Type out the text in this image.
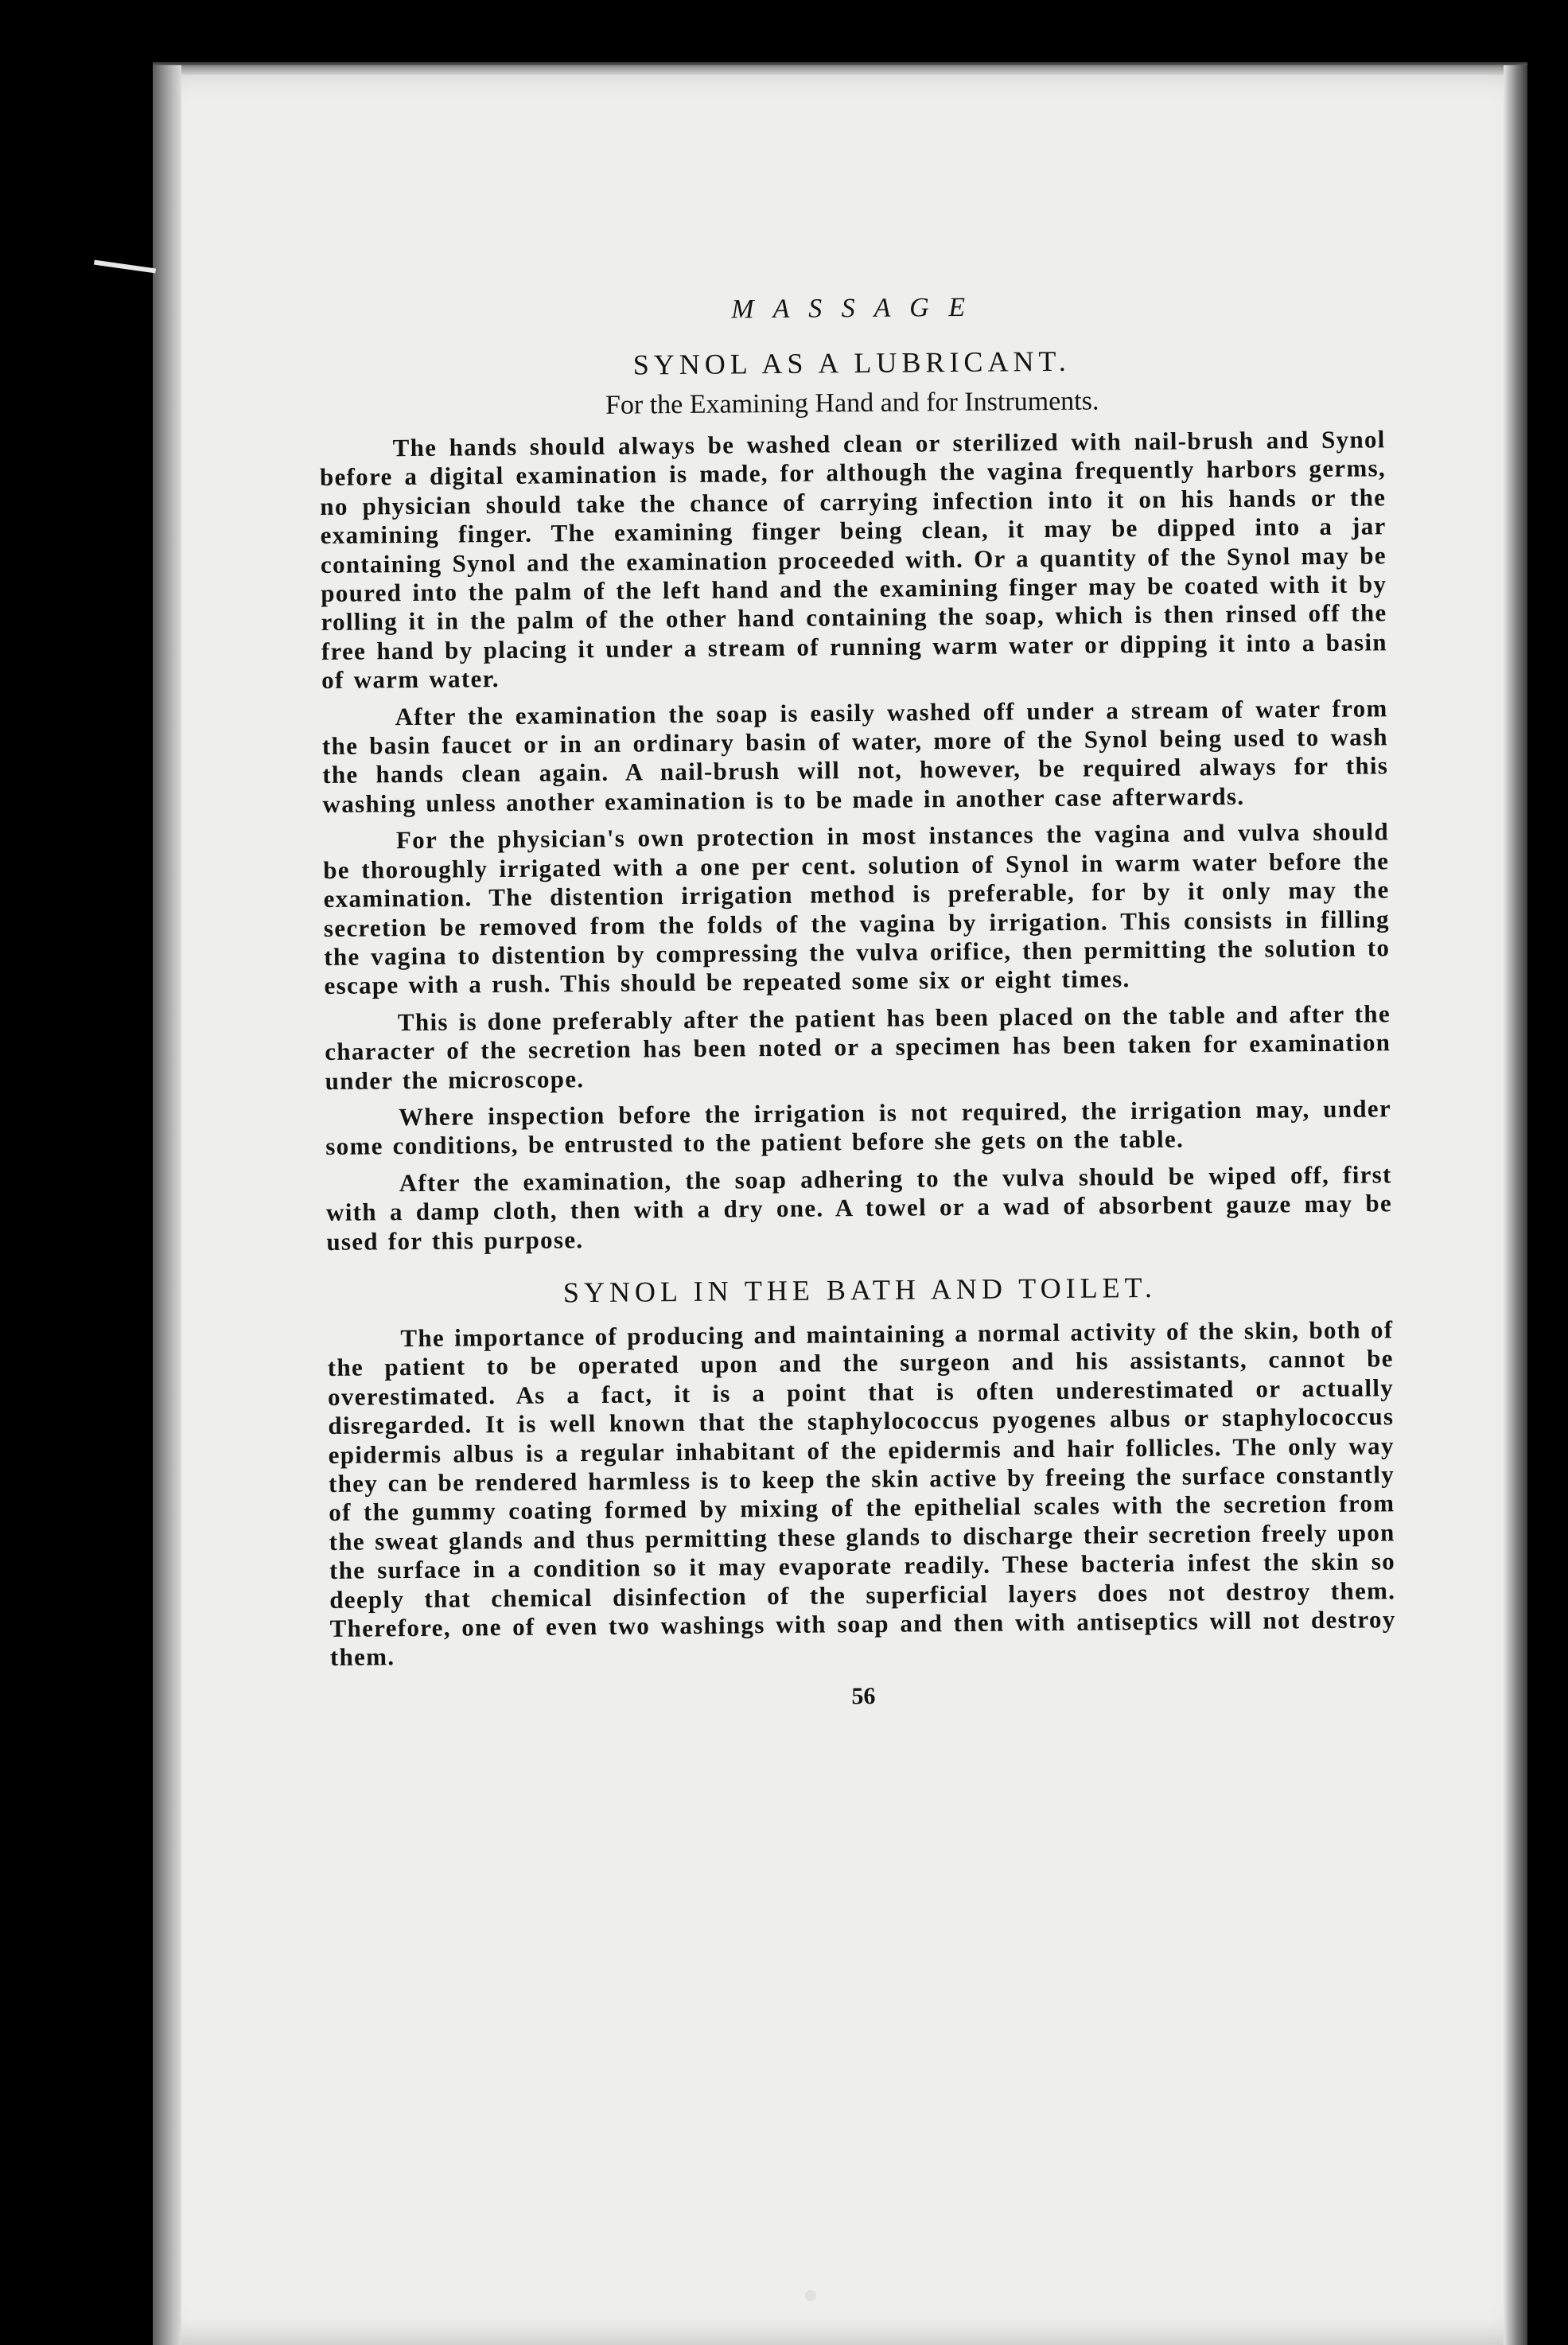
M A S S A G E
SYNOL AS A LUBRICANT.
For the Examining Hand and for Instruments.

The hands should always be washed clean or sterilized with nail-brush and Synol before a digital examination is made, for although the vagina frequently harbors germs, no physician should take the chance of carrying infection into it on his hands or the examining finger. The examining finger being clean, it may be dipped into a jar containing Synol and the examination proceeded with. Or a quantity of the Synol may be poured into the palm of the left hand and the examining finger may be coated with it by rolling it in the palm of the other hand containing the soap, which is then rinsed off the free hand by placing it under a stream of running warm water or dipping it into a basin of warm water.

After the examination the soap is easily washed off under a stream of water from the basin faucet or in an ordinary basin of water, more of the Synol being used to wash the hands clean again. A nail-brush will not, however, be required always for this washing unless another examination is to be made in another case afterwards.

For the physician's own protection in most instances the vagina and vulva should be thoroughly irrigated with a one per cent. solution of Synol in warm water before the examination. The distention irrigation method is preferable, for by it only may the secretion be removed from the folds of the vagina by irrigation. This consists in filling the vagina to distention by compressing the vulva orifice, then permitting the solution to escape with a rush. This should be repeated some six or eight times.

This is done preferably after the patient has been placed on the table and after the character of the secretion has been noted or a specimen has been taken for examination under the microscope.

Where inspection before the irrigation is not required, the irrigation may, under some conditions, be entrusted to the patient before she gets on the table.

After the examination, the soap adhering to the vulva should be wiped off, first with a damp cloth, then with a dry one. A towel or a wad of absorbent gauze may be used for this purpose.

SYNOL IN THE BATH AND TOILET.

The importance of producing and maintaining a normal activity of the skin, both of the patient to be operated upon and the surgeon and his assistants, cannot be overestimated. As a fact, it is a point that is often underestimated or actually disregarded. It is well known that the staphylococcus pyogenes albus or staphylococcus epidermis albus is a regular inhabitant of the epidermis and hair follicles. The only way they can be rendered harmless is to keep the skin active by freeing the surface constantly of the gummy coating formed by mixing of the epithelial scales with the secretion from the sweat glands and thus permitting these glands to discharge their secretion freely upon the surface in a condition so it may evaporate readily. These bacteria infest the skin so deeply that chemical disinfection of the superficial layers does not destroy them. Therefore, one of even two washings with soap and then with antiseptics will not destroy them.

56
